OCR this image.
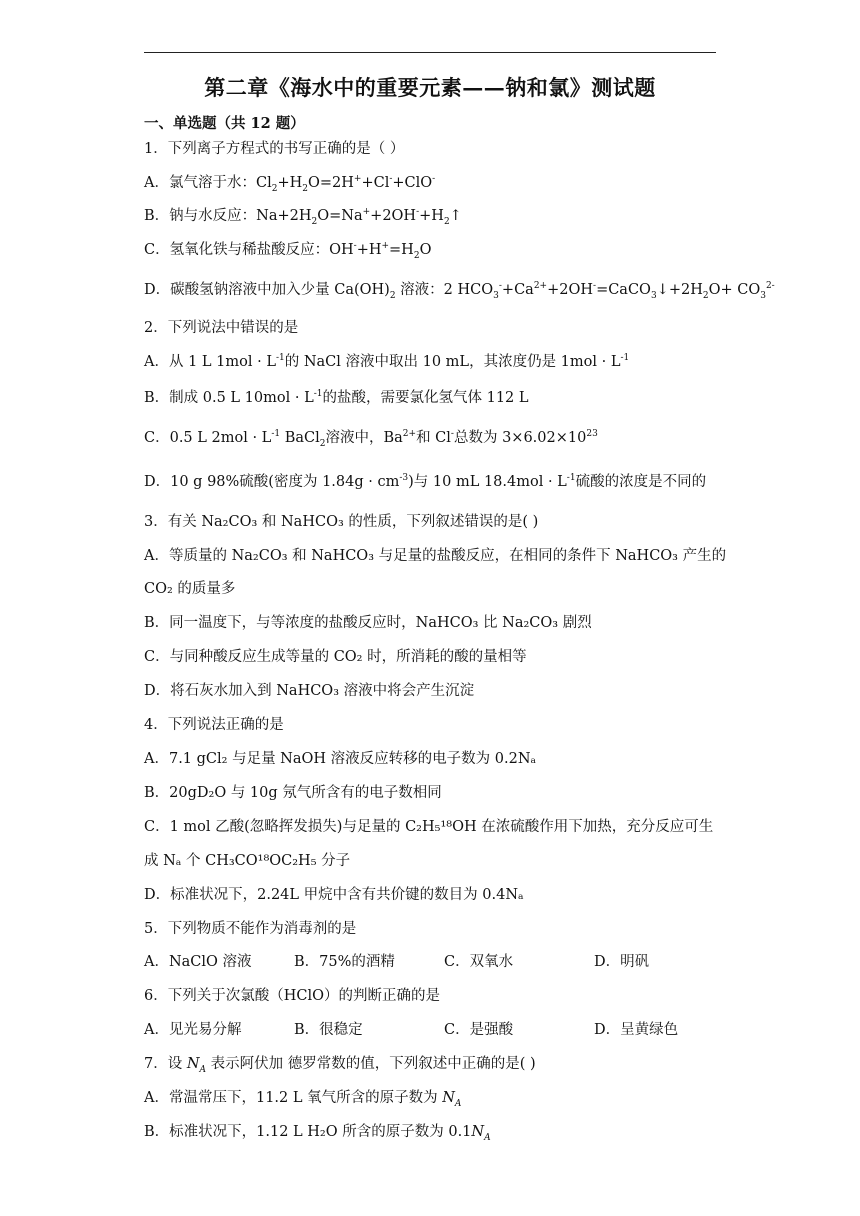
第二章《海水中的重要元素——钠和氯》测试题
一、单选题（共 12 题）
1．下列离子方程式的书写正确的是（ ）
A．氯气溶于水：$Cl_2+H_2O=2H^++Cl^-+ClO^-$
B．钠与水反应：$Na+2H_2O=Na^++2OH^-+H_2↑$
C．氢氧化铁与稀盐酸反应：$OH^-+H^+=H_2O$
D．碳酸氢钠溶液中加入少量 $Ca(OH)_2$ 溶液：2 $HCO_3^-+Ca^{2+}+2OH^-=CaCO_3↓+2H_2O+ CO_3^{2-}$
2．下列说法中错误的是
A．从 1 L $1mol \cdot L^{-1}$的 NaCl 溶液中取出 10 mL，其浓度仍是 $1mol \cdot L^{-1}$
B．制成 0.5 L $10mol \cdot L^{-1}$的盐酸，需要氯化氢气体 112 L
C．0.5 L $2mol \cdot L^{-1}$ BaCl$_2$溶液中，$Ba^{2+}$和 Cl-总数为 $3\times 6.02\times 10^{23}$
D．10 g 98%硫酸(密度为 $1.84g \cdot cm^{-3}$)与 10 mL $18.4mol \cdot L^{-1}$硫酸的浓度是不同的
3．有关 Na₂CO₃ 和 NaHCO₃ 的性质，下列叙述错误的是( )
A．等质量的 Na₂CO₃ 和 NaHCO₃ 与足量的盐酸反应，在相同的条件下 NaHCO₃ 产生的
CO₂ 的质量多
B．同一温度下，与等浓度的盐酸反应时，NaHCO₃ 比 Na₂CO₃ 剧烈
C．与同种酸反应生成等量的 CO₂ 时，所消耗的酸的量相等
D．将石灰水加入到 NaHCO₃ 溶液中将会产生沉淀
4．下列说法正确的是
A．7.1 gCl₂ 与足量 NaOH 溶液反应转移的电子数为 0.2Nₐ
B．20gD₂O 与 10g 氖气所含有的电子数相同
C．1 mol 乙酸(忽略挥发损失)与足量的 C₂H₅¹⁸OH 在浓硫酸作用下加热，充分反应可生
成 Nₐ 个 CH₃CO¹⁸OC₂H₅ 分子
D．标准状况下，2.24L 甲烷中含有共价键的数目为 0.4Nₐ
5．下列物质不能作为消毒剂的是
A．NaClO 溶液	B．75%的酒精	C．双氧水	D．明矾
6．下列关于次氯酸（HClO）的判断正确的是
A．见光易分解	B．很稳定	C．是强酸	D．呈黄绿色
7．设 $N_A$ 表示阿伏加 德罗常数的值，下列叙述中正确的是( )
A．常温常压下，11.2 L 氧气所含的原子数为 $N_A$
B．标准状况下，1.12 L H₂O 所含的原子数为 $0.1N_A$
